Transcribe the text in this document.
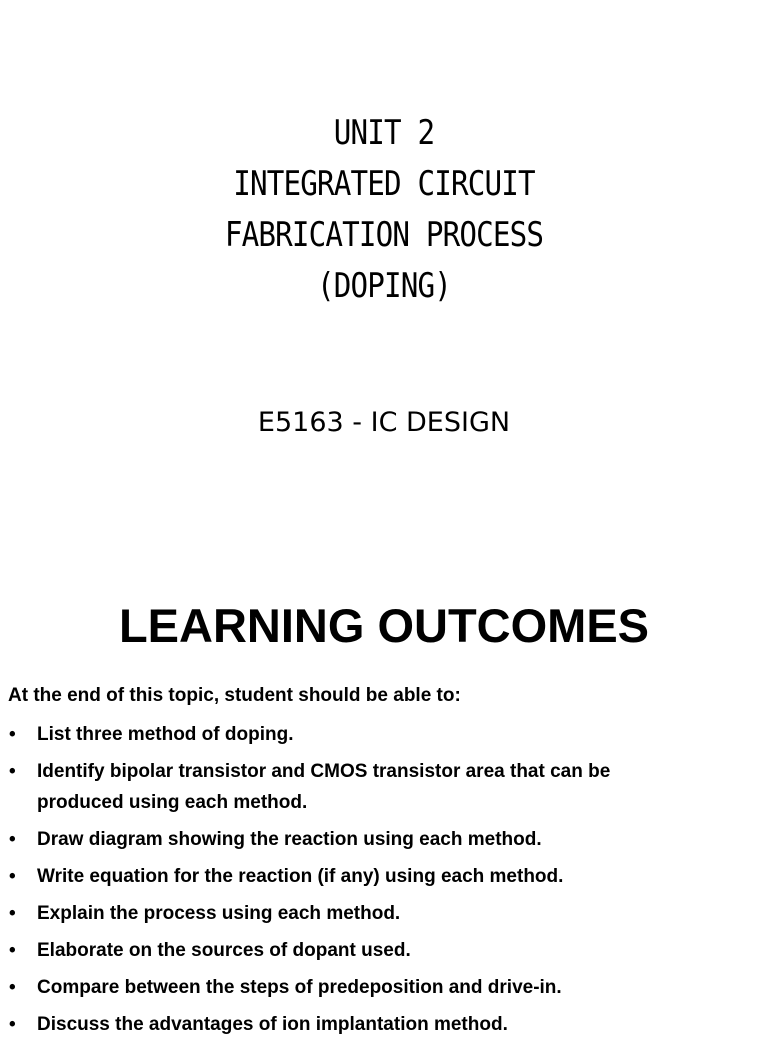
UNIT 2
INTEGRATED CIRCUIT
FABRICATION PROCESS
(DOPING)
E5163 - IC DESIGN
LEARNING OUTCOMES
At the end of this topic, student should be able to:
• List three method of doping.
• Identify bipolar transistor and CMOS transistor area that can be
produced using each method.
• Draw diagram showing the reaction using each method.
• Write equation for the reaction (if any) using each method.
• Explain the process using each method.
• Elaborate on the sources of dopant used.
• Compare between the steps of predeposition and drive-in.
• Discuss the advantages of ion implantation method.
